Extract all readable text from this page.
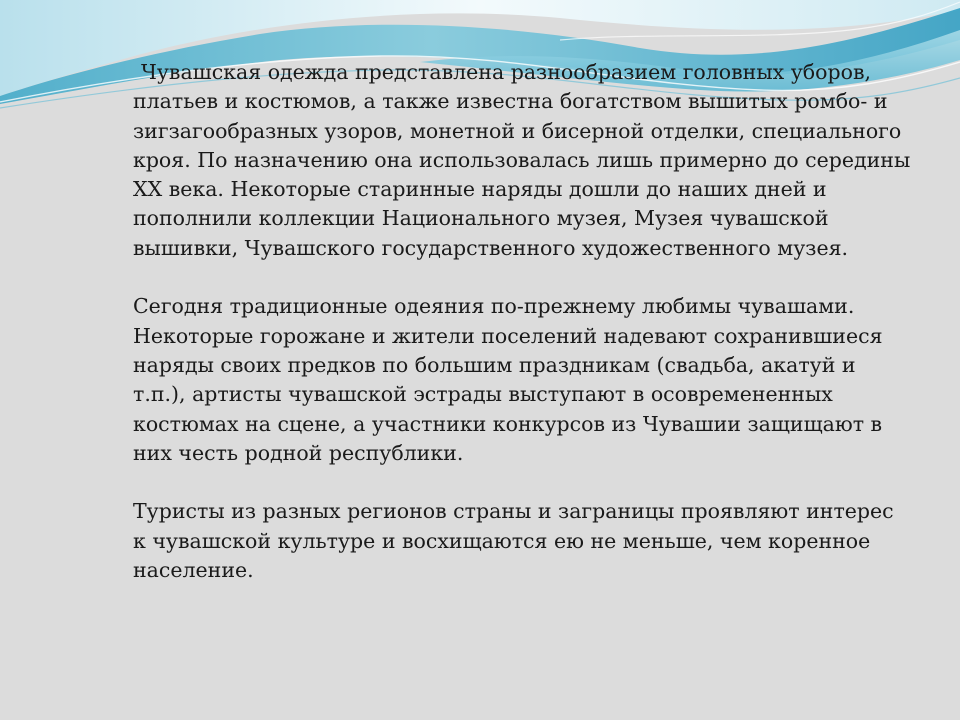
Чувашская одежда представлена разнообразием головных уборов,
платьев и костюмов, а также известна богатством вышитых ромбо- и
зигзагообразных узоров, монетной и бисерной отделки, специального
кроя. По назначению она использовалась лишь примерно до середины
XX века. Некоторые старинные наряды дошли до наших дней и
пополнили коллекции Национального музея, Музея чувашской
вышивки, Чувашского государственного художественного музея.

Сегодня традиционные одеяния по-прежнему любимы чувашами.
Некоторые горожане и жители поселений надевают сохранившиеся
наряды своих предков по большим праздникам (свадьба, акатуй и
т.п.), артисты чувашской эстрады выступают в осовремененных
костюмах на сцене, а участники конкурсов из Чувашии защищают в
них честь родной республики.

Туристы из разных регионов страны и заграницы проявляют интерес
к чувашской культуре и восхищаются ею не меньше, чем коренное
население.
